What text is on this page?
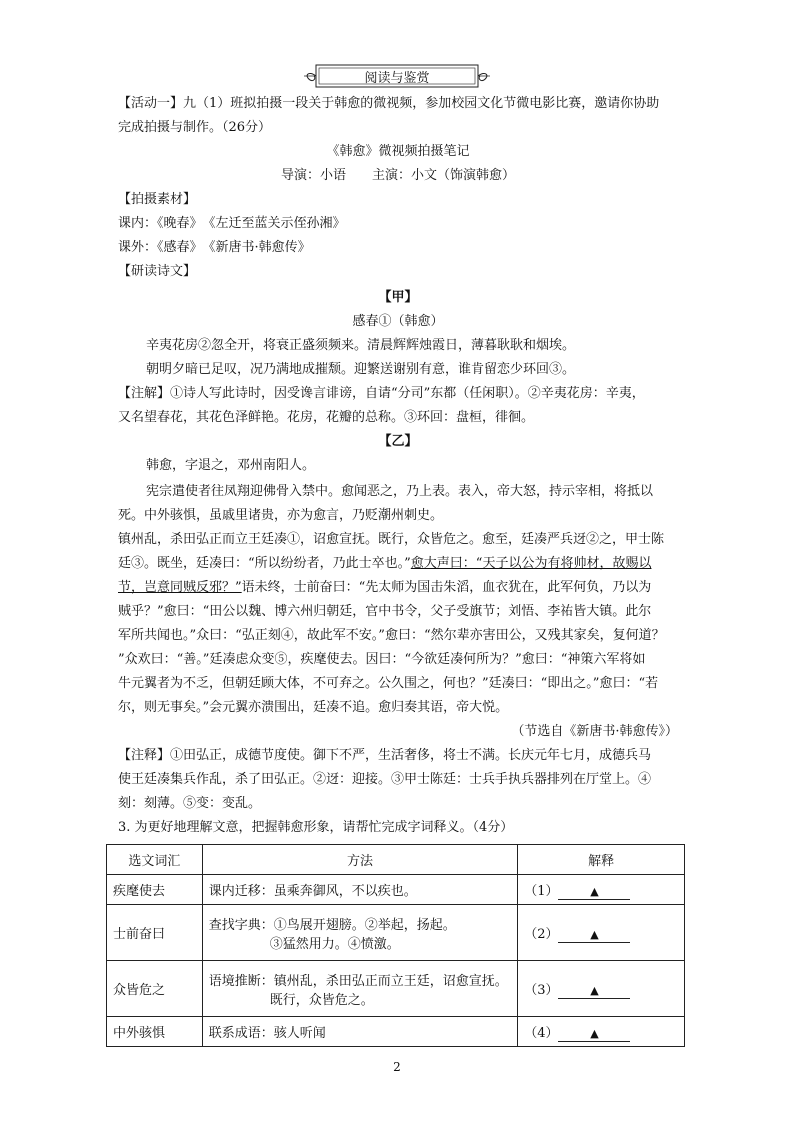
阅读与鉴赏
【活动一】九（1）班拟拍摄一段关于韩愈的微视频，参加校园文化节微电影比赛，邀请你协助
完成拍摄与制作。（26分）
《韩愈》微视频拍摄笔记
导演：小语　　主演：小文（饰演韩愈）
【拍摄素材】
课内：《晚春》　《左迁至蓝关示侄孙湘》
课外：《感春》　《新唐书·韩愈传》
【研读诗文】
【甲】
感春①（韩愈）
辛夷花房②忽全开，将衰正盛须频来。清晨辉辉烛霞日，薄暮耿耿和烟埃。
朝明夕暗已足叹，况乃满地成摧颓。迎繁送谢别有意，谁肯留恋少环回③。
【注解】①诗人写此诗时，因受谗言诽谤，自请“分司”东都（任闲职）。②辛夷花房：辛夷，
又名望春花，其花色泽鲜艳。花房，花瓣的总称。③环回：盘桓，徘徊。
【乙】
韩愈，字退之，邓州南阳人。
宪宗遣使者往凤翔迎佛骨入禁中。愈闻恶之，乃上表。表入，帝大怒，持示宰相，将抵以
死。中外骇惧，虽戚里诸贵，亦为愈言，乃贬潮州刺史。
镇州乱，杀田弘正而立王廷凑①，诏愈宣抚。既行，众皆危之。愈至，廷凑严兵迓②之，甲士陈
廷③。既坐，廷凑曰：“所以纷纷者，乃此士卒也。”愈大声曰：“天子以公为有将帅材，故赐以
节，岂意同贼反邪？”语未终，士前奋曰：“先太师为国击朱滔，血衣犹在，此军何负，乃以为
贼乎？”愈曰：“田公以魏、博六州归朝廷，官中书令，父子受旗节；刘悟、李祐皆大镇。此尔
军所共闻也。”众曰：“弘正刻④，故此军不安。”愈曰：“然尔辈亦害田公，又残其家矣，复何道？
”众欢曰：“善。”廷凑虑众变⑤，疾麾使去。因曰：“今欲廷凑何所为？”愈曰：“神策六军将如
牛元翼者为不乏，但朝廷顾大体，不可弃之。公久围之，何也？”廷凑曰：“即出之。”愈曰：“若
尔，则无事矣。”会元翼亦溃围出，廷凑不追。愈归奏其语，帝大悦。
（节选自《新唐书·韩愈传》）
【注释】①田弘正，成德节度使。御下不严，生活奢侈，将士不满。长庆元年七月，成德兵马
使王廷凑集兵作乱，杀了田弘正。②迓：迎接。③甲士陈廷：士兵手执兵器排列在厅堂上。④
刻：刻薄。⑤变：变乱。
3. 为更好地理解文意，把握韩愈形象，请帮忙完成字词释义。（4分）
选文词汇	方法	解释
疾麾使去	课内迁移：虽乘奔御风，不以疾也。	（1） ▲
士前奋曰	查找字典：①鸟展开翅膀。②举起，扬起。
③猛然用力。④愤激。	（2） ▲
众皆危之	语境推断：镇州乱，杀田弘正而立王廷，诏愈宣抚。
既行，众皆危之。	（3） ▲
中外骇惧	联系成语：骇人听闻	（4） ▲
2
